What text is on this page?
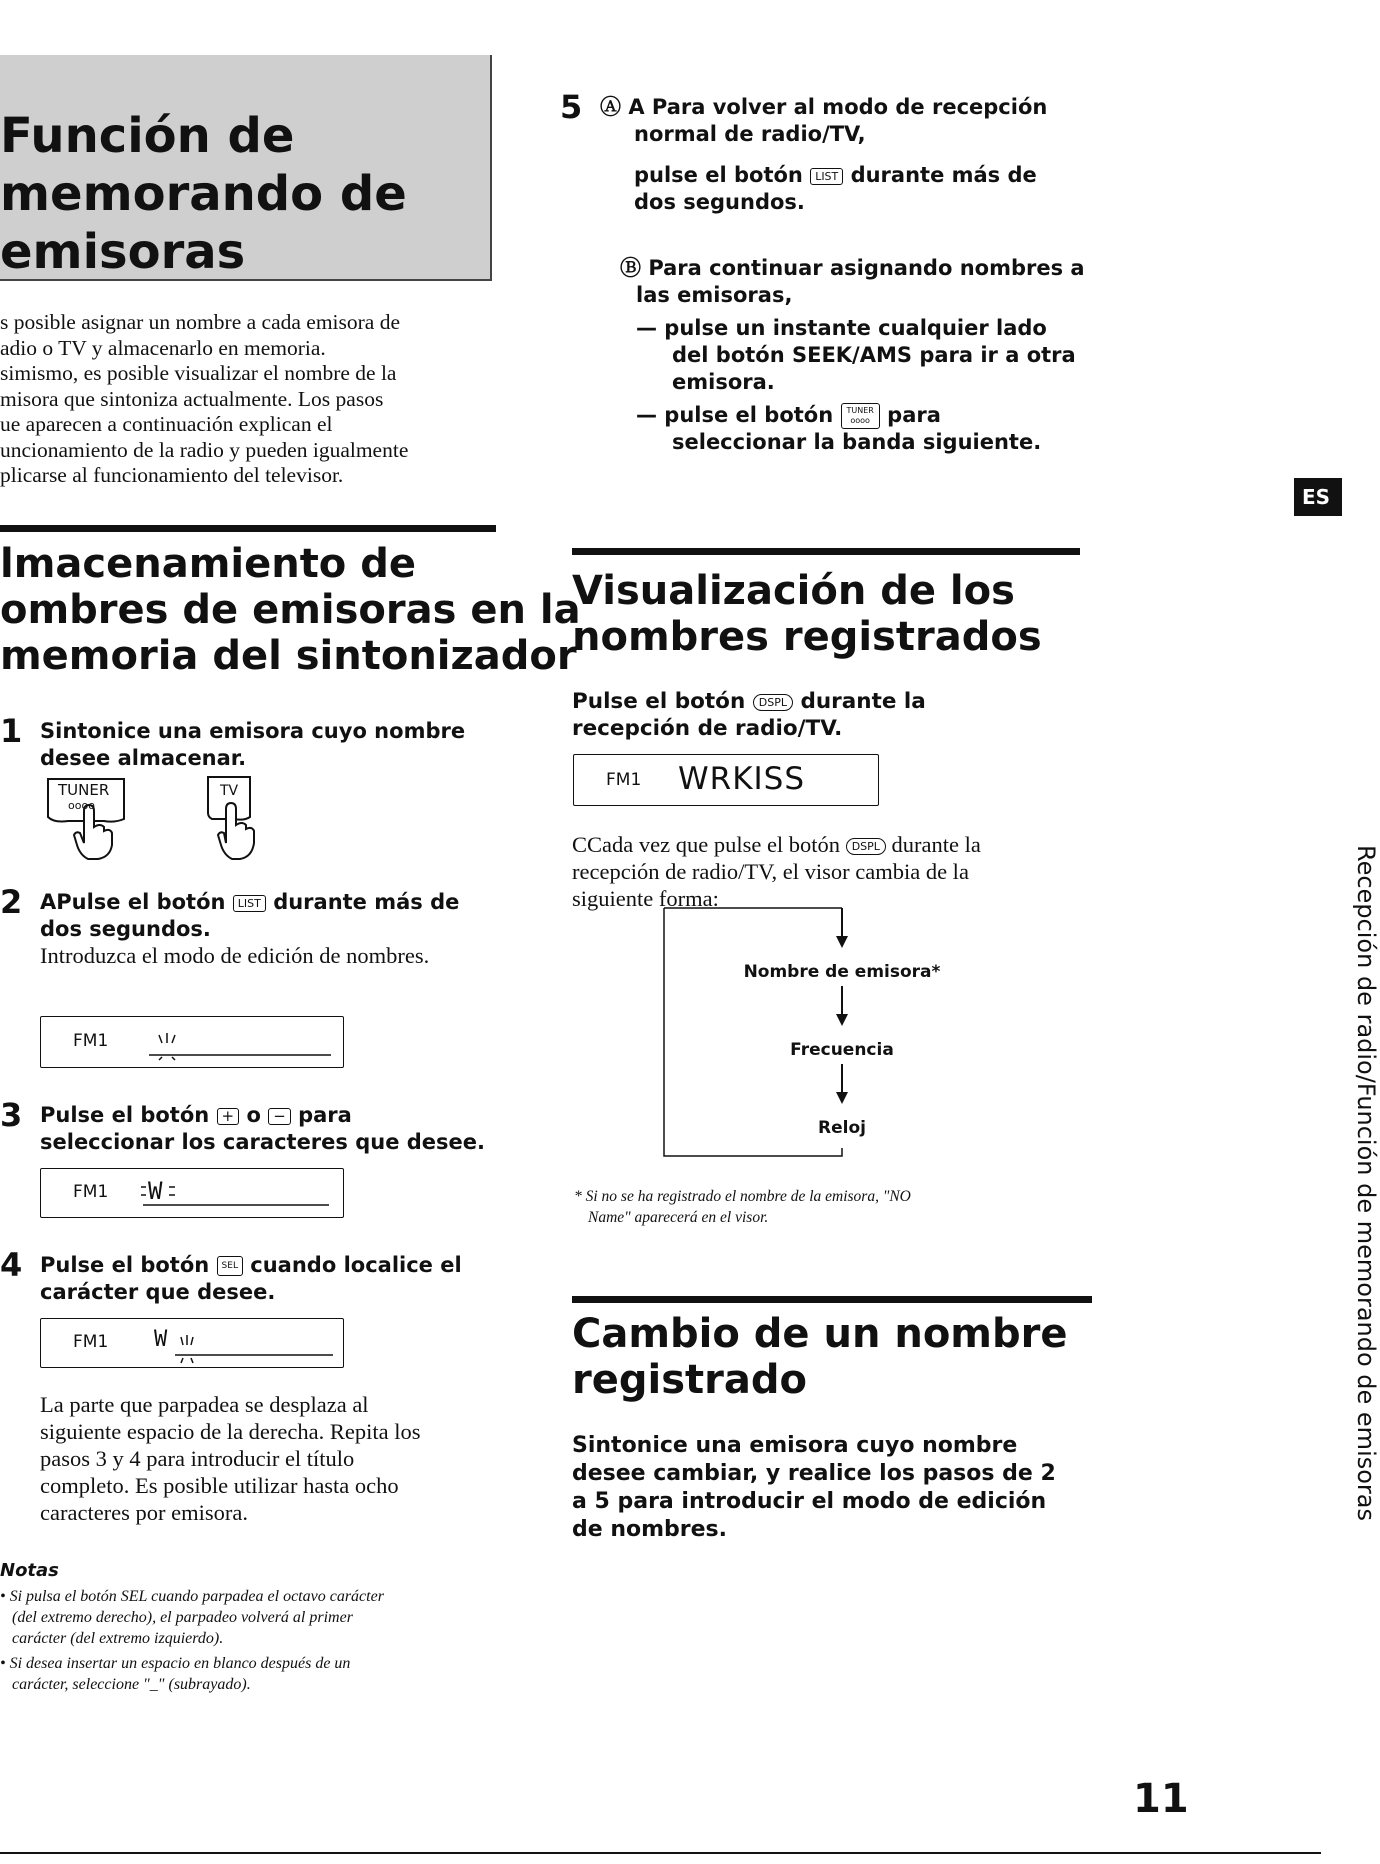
Función de
memorando de
emisoras
s posible asignar un nombre a cada emisora de
adio o TV y almacenarlo en memoria.
simismo, es posible visualizar el nombre de la
misora que sintoniza actualmente. Los pasos
ue aparecen a continuación explican el
uncionamiento de la radio y pueden igualmente
plicarse al funcionamiento del televisor.
lmacenamiento de
ombres de emisoras en la
memoria del sintonizador
1 Sintonice una emisora cuyo nombre
desee almacenar.
TUNER
oooo
TV
2 APulse el botón LIST durante más de
dos segundos.
Introduzca el modo de edición de nombres.
FM1
3 Pulse el botón + o − para
seleccionar los caracteres que desee.
FM1 W
4 Pulse el botón SEL cuando localice el
carácter que desee.
FM1 W
La parte que parpadea se desplaza al
siguiente espacio de la derecha. Repita los
pasos 3 y 4 para introducir el título
completo. Es posible utilizar hasta ocho
caracteres por emisora.
Notas
• Si pulsa el botón SEL cuando parpadea el octavo carácter
(del extremo derecho), el parpadeo volverá al primer
carácter (del extremo izquierdo).
• Si desea insertar un espacio en blanco después de un
carácter, seleccione "_" (subrayado).
5 Ⓐ A Para volver al modo de recepción
normal de radio/TV,
pulse el botón LIST durante más de
dos segundos.
Ⓑ Para continuar asignando nombres a
las emisoras,
— pulse un instante cualquier lado
del botón SEEK/AMS para ir a otra
emisora.
— pulse el botón TUNER
oooo para
seleccionar la banda siguiente.
Visualización de los
nombres registrados
Pulse el botón DSPL durante la
recepción de radio/TV.
FM1 WRKISS
CCada vez que pulse el botón DSPL durante la
recepción de radio/TV, el visor cambia de la
siguiente forma:
Nombre de emisora*
Frecuencia
Reloj
* Si no se ha registrado el nombre de la emisora, "NO
Name" aparecerá en el visor.
Cambio de un nombre
registrado
Sintonice una emisora cuyo nombre
desee cambiar, y realice los pasos de 2
a 5 para introducir el modo de edición
de nombres.
ES
Recepción de radio/Función de memorando de emisoras
11
